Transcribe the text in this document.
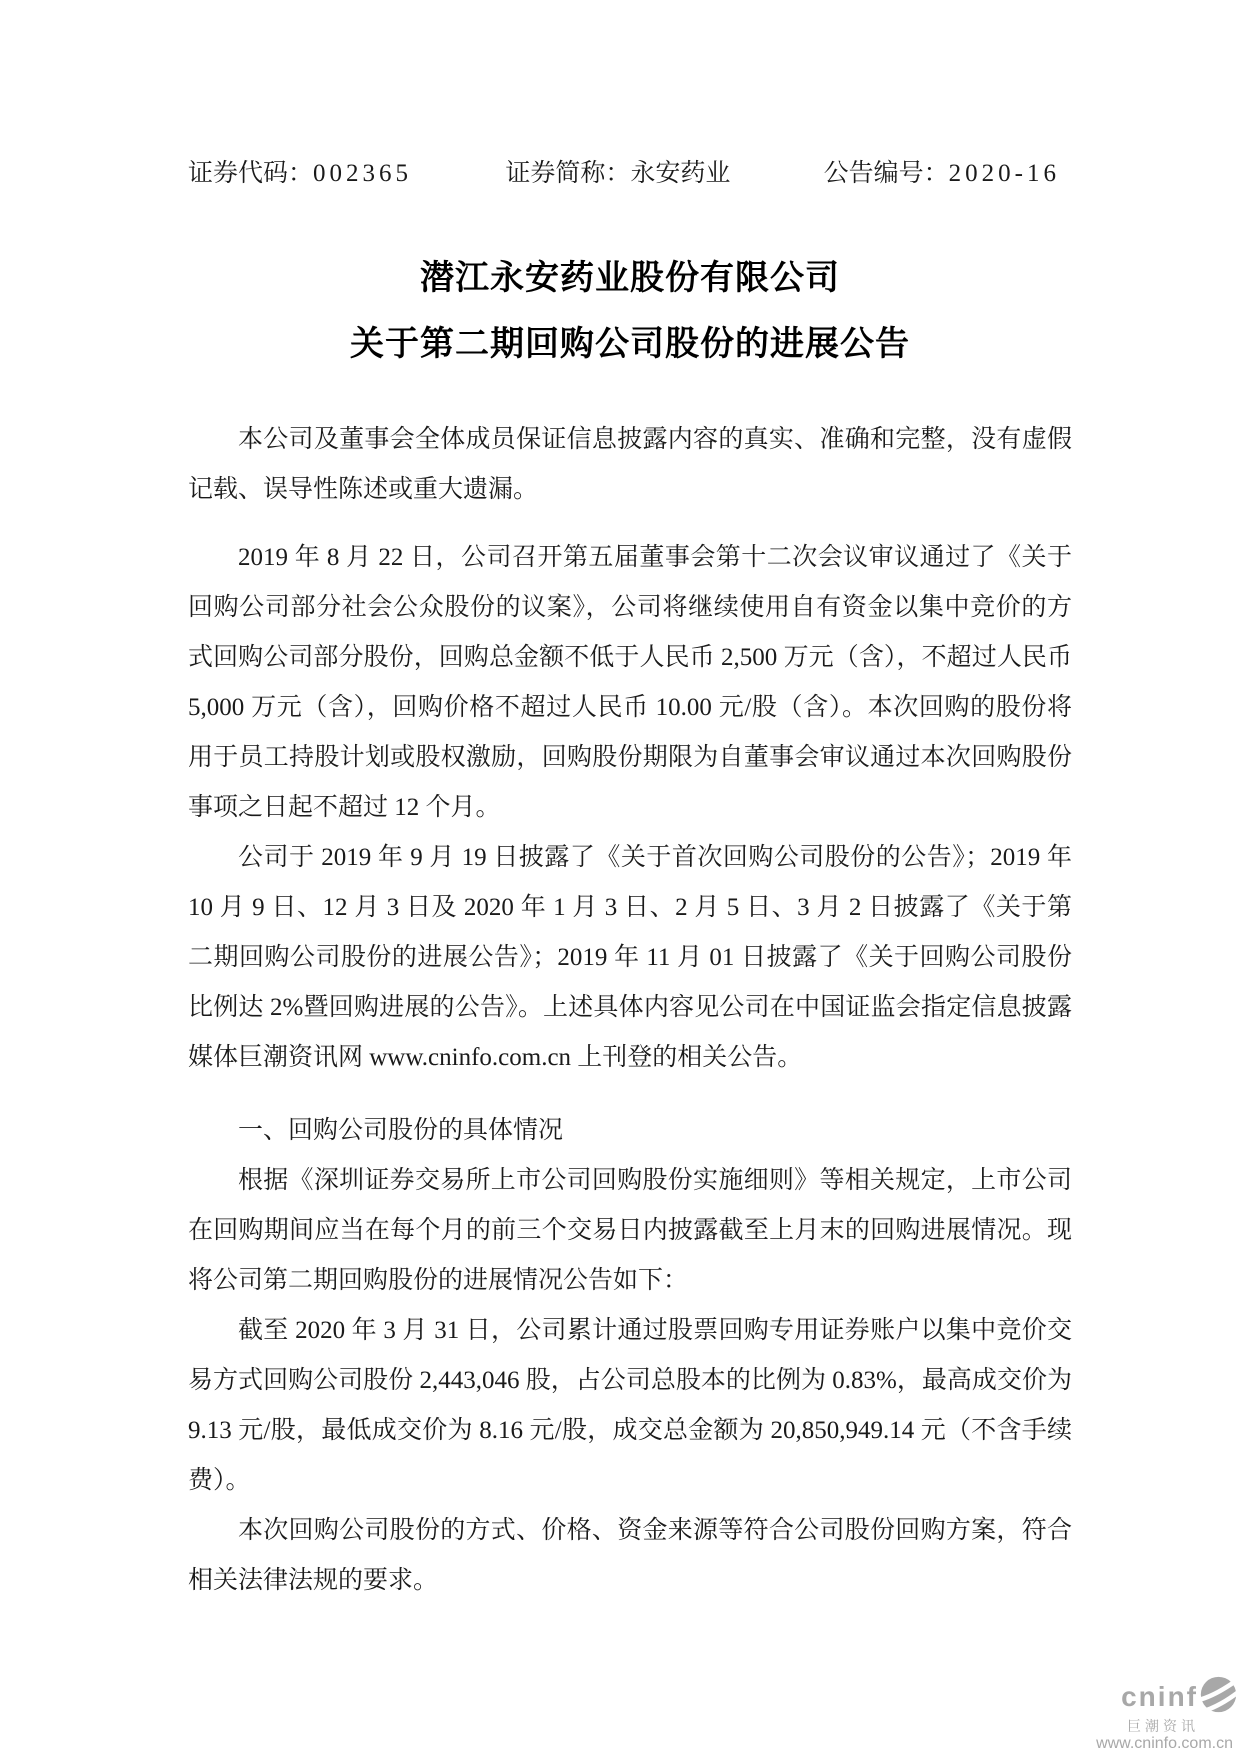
证券代码：002365	证券简称：永安药业	公告编号：2020-16
潜江永安药业股份有限公司
关于第二期回购公司股份的进展公告

本公司及董事会全体成员保证信息披露内容的真实、准确和完整，没有虚假记载、误导性陈述或重大遗漏。

2019 年 8 月 22 日，公司召开第五届董事会第十二次会议审议通过了《关于回购公司部分社会公众股份的议案》，公司将继续使用自有资金以集中竞价的方式回购公司部分股份，回购总金额不低于人民币 2,500 万元（含），不超过人民币 5,000 万元（含），回购价格不超过人民币 10.00 元/股（含）。本次回购的股份将用于员工持股计划或股权激励，回购股份期限为自董事会审议通过本次回购股份事项之日起不超过 12 个月。

公司于 2019 年 9 月 19 日披露了《关于首次回购公司股份的公告》；2019 年 10 月 9 日、12 月 3 日及 2020 年 1 月 3 日、2 月 5 日、3 月 2 日披露了《关于第二期回购公司股份的进展公告》；2019 年 11 月 01 日披露了《关于回购公司股份比例达 2%暨回购进展的公告》。上述具体内容见公司在中国证监会指定信息披露媒体巨潮资讯网 www.cninfo.com.cn 上刊登的相关公告。

一、回购公司股份的具体情况

根据《深圳证券交易所上市公司回购股份实施细则》等相关规定，上市公司在回购期间应当在每个月的前三个交易日内披露截至上月末的回购进展情况。现将公司第二期回购股份的进展情况公告如下：

截至 2020 年 3 月 31 日，公司累计通过股票回购专用证券账户以集中竞价交易方式回购公司股份 2,443,046 股，占公司总股本的比例为 0.83%，最高成交价为 9.13 元/股，最低成交价为 8.16 元/股，成交总金额为 20,850,949.14 元（不含手续费）。

本次回购公司股份的方式、价格、资金来源等符合公司股份回购方案，符合相关法律法规的要求。

cninf
巨潮资讯
www.cninfo.com.cn
